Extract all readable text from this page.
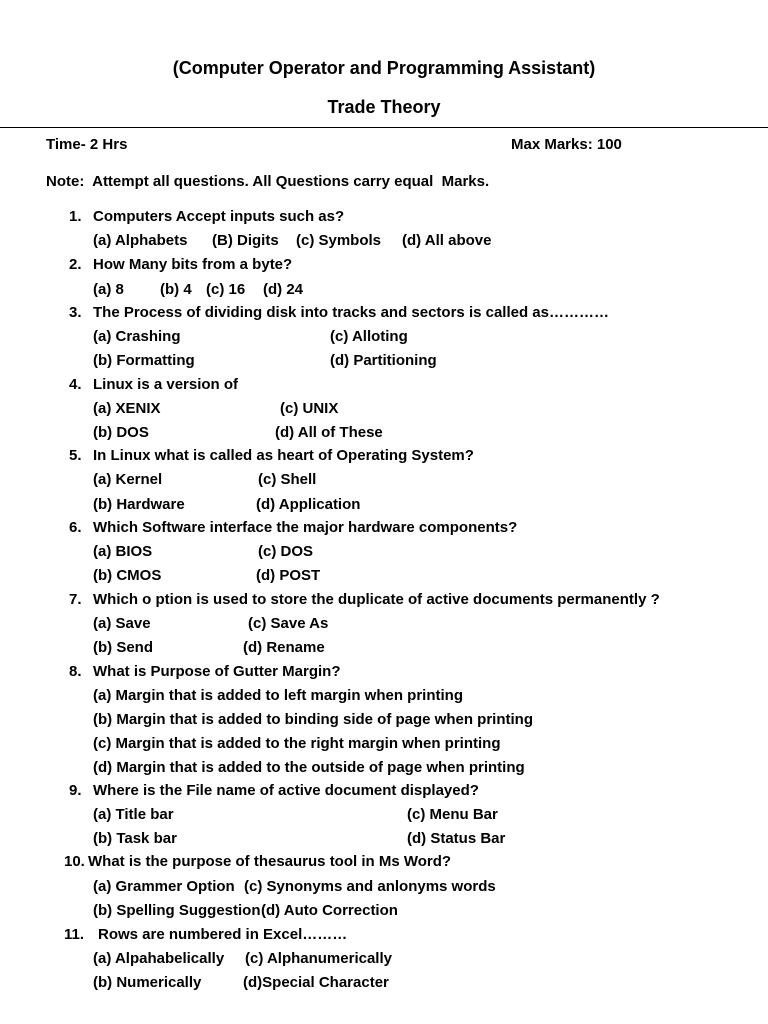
(Computer Operator and Programming Assistant)
Trade Theory
Time- 2 Hrs	Max Marks: 100
Note:  Attempt all questions. All Questions carry equal  Marks.
1. Computers Accept inputs such as?
(a) Alphabets (B) Digits (c) Symbols (d) All above
2. How Many bits from a byte?
(a) 8 (b) 4 (c) 16 (d) 24
3. The Process of dividing disk into tracks and sectors is called as…………
(a) Crashing	(c) Alloting
(b) Formatting	(d) Partitioning
4. Linux is a version of
(a) XENIX	(c) UNIX
(b) DOS	(d) All of These
5. In Linux what is called as heart of Operating System?
(a) Kernel	(c) Shell
(b) Hardware	(d) Application
6. Which Software interface the major hardware components?
(a) BIOS	(c) DOS
(b) CMOS	(d) POST
7. Which o ption is used to store the duplicate of active documents permanently ?
(a) Save	(c) Save As
(b) Send	(d) Rename
8. What is Purpose of Gutter Margin?
(a) Margin that is added to left margin when printing
(b) Margin that is added to binding side of page when printing
(c) Margin that is added to the right margin when printing
(d) Margin that is added to the outside of page when printing
9. Where is the File name of active document displayed?
(a) Title bar	(c) Menu Bar
(b) Task bar	(d) Status Bar
10. What is the purpose of thesaurus tool in Ms Word?
(a) Grammer Option (c) Synonyms and anlonyms words
(b) Spelling Suggestion (d) Auto Correction
11. Rows are numbered in Excel………
(a) Alpahabelically (c) Alphanumerically
(b) Numerically	(d)Special Character
